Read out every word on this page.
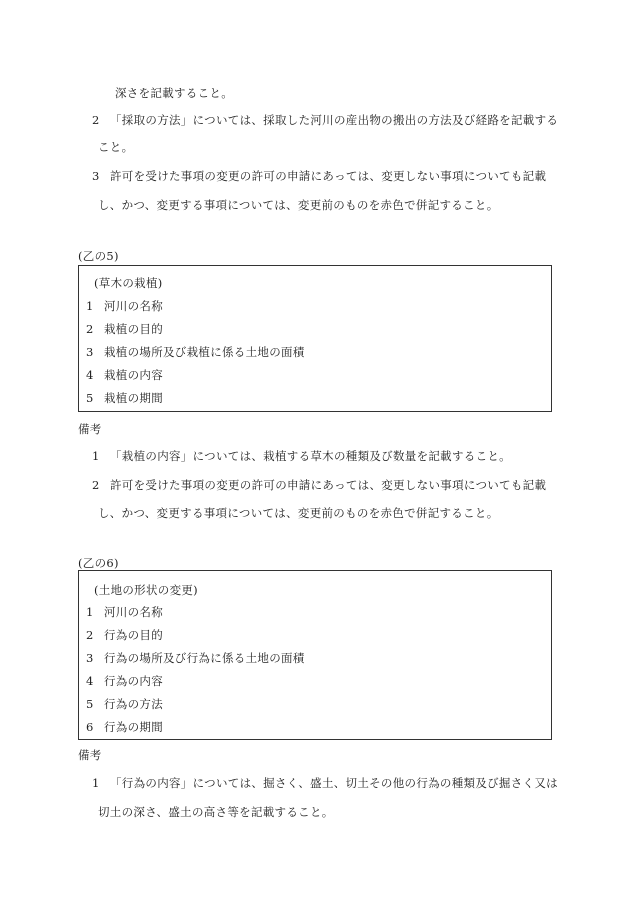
深さを記載すること。
2 「採取の方法」については、採取した河川の産出物の搬出の方法及び経路を記載する
こと。
3 許可を受けた事項の変更の許可の申請にあっては、変更しない事項についても記載
し、かつ、変更する事項については、変更前のものを赤色で併記すること。
(乙の5)
(草木の栽植)
1 河川の名称
2 栽植の目的
3 栽植の場所及び栽植に係る土地の面積
4 栽植の内容
5 栽植の期間
備考
1 「栽植の内容」については、栽植する草木の種類及び数量を記載すること。
2 許可を受けた事項の変更の許可の申請にあっては、変更しない事項についても記載
し、かつ、変更する事項については、変更前のものを赤色で併記すること。
(乙の6)
(土地の形状の変更)
1 河川の名称
2 行為の目的
3 行為の場所及び行為に係る土地の面積
4 行為の内容
5 行為の方法
6 行為の期間
備考
1 「行為の内容」については、掘さく、盛土、切土その他の行為の種類及び掘さく又は
切土の深さ、盛土の高さ等を記載すること。
